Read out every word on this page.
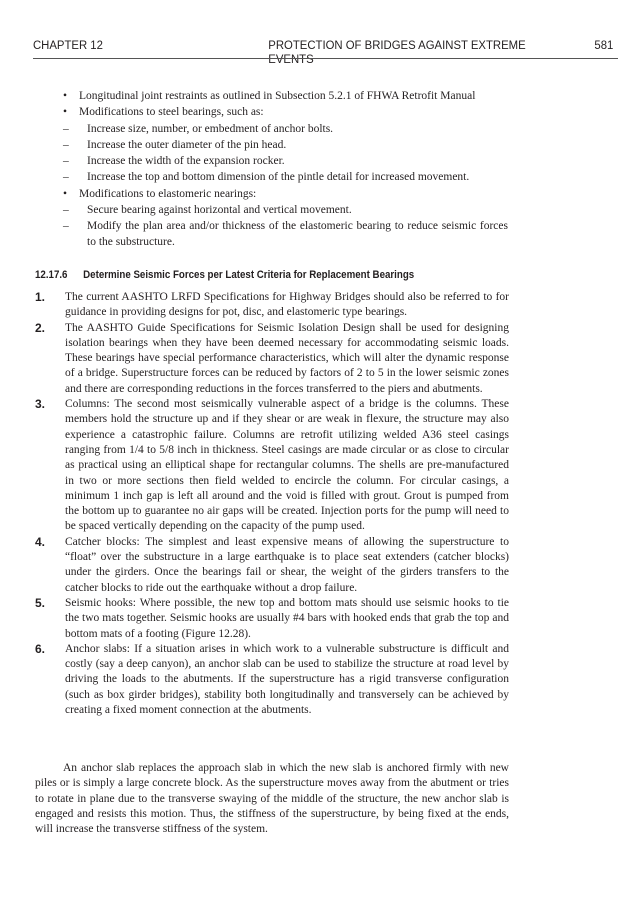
CHAPTER 12	PROTECTION OF BRIDGES AGAINST EXTREME EVENTS
581
• Longitudinal joint restraints as outlined in Subsection 5.2.1 of FHWA Retrofit Manual
• Modifications to steel bearings, such as:
– Increase size, number, or embedment of anchor bolts.
– Increase the outer diameter of the pin head.
– Increase the width of the expansion rocker.
– Increase the top and bottom dimension of the pintle detail for increased movement.
• Modifications to elastomeric nearings:
– Secure bearing against horizontal and vertical movement.
– Modify the plan area and/or thickness of the elastomeric bearing to reduce seismic forces to the substructure.
12.17.6 Determine Seismic Forces per Latest Criteria for Replacement Bearings
1. The current AASHTO LRFD Specifications for Highway Bridges should also be referred to for guidance in providing designs for pot, disc, and elastomeric type bearings.
2. The AASHTO Guide Specifications for Seismic Isolation Design shall be used for designing isolation bearings when they have been deemed necessary for accommodating seismic loads. These bearings have special performance characteristics, which will alter the dynamic response of a bridge. Superstructure forces can be reduced by factors of 2 to 5 in the lower seismic zones and there are corresponding reductions in the forces transferred to the piers and abutments.
3. Columns: The second most seismically vulnerable aspect of a bridge is the columns. These members hold the structure up and if they shear or are weak in flexure, the structure may also experience a catastrophic failure. Columns are retrofit utilizing welded A36 steel casings ranging from 1/4 to 5/8 inch in thickness. Steel casings are made circular or as close to circular as practical using an elliptical shape for rectangular columns. The shells are pre-manufactured in two or more sections then field welded to encircle the column. For circular casings, a minimum 1 inch gap is left all around and the void is filled with grout. Grout is pumped from the bottom up to guarantee no air gaps will be created. Injection ports for the pump will need to be spaced vertically depending on the capacity of the pump used.
4. Catcher blocks: The simplest and least expensive means of allowing the superstructure to “float” over the substructure in a large earthquake is to place seat extenders (catcher blocks) under the girders. Once the bearings fail or shear, the weight of the girders transfers to the catcher blocks to ride out the earthquake without a drop failure.
5. Seismic hooks: Where possible, the new top and bottom mats should use seismic hooks to tie the two mats together. Seismic hooks are usually #4 bars with hooked ends that grab the top and bottom mats of a footing (Figure 12.28).
6. Anchor slabs: If a situation arises in which work to a vulnerable substructure is difficult and costly (say a deep canyon), an anchor slab can be used to stabilize the structure at road level by driving the loads to the abutments. If the superstructure has a rigid transverse configuration (such as box girder bridges), stability both longitudinally and transversely can be achieved by creating a fixed moment connection at the abutments.
An anchor slab replaces the approach slab in which the new slab is anchored firmly with new piles or is simply a large concrete block. As the superstructure moves away from the abutment or tries to rotate in plane due to the transverse swaying of the middle of the structure, the new anchor slab is engaged and resists this motion. Thus, the stiffness of the superstructure, by being fixed at the ends, will increase the transverse stiffness of the system.
